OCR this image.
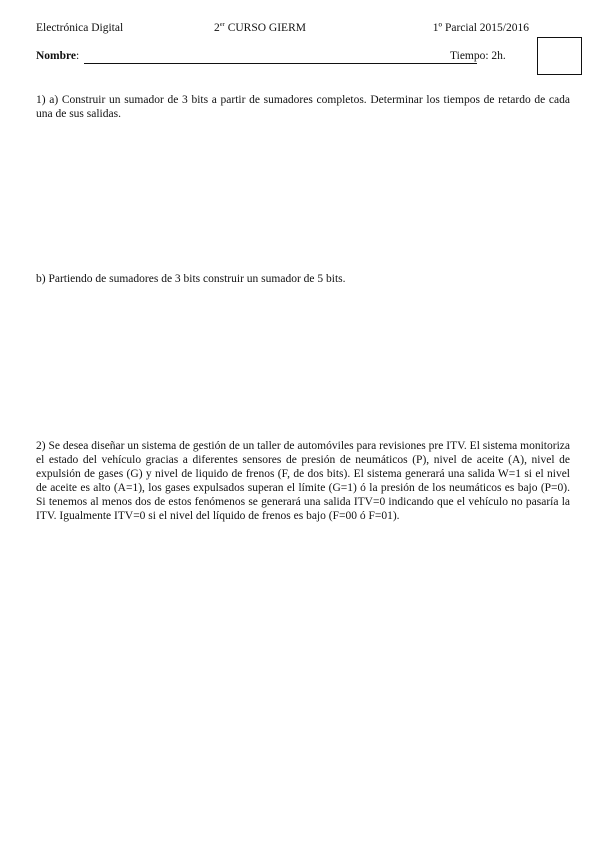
Electrónica Digital	2er CURSO GIERM	1º Parcial 2015/2016
Nombre:	Tiempo: 2h.

1) a) Construir un sumador de 3 bits a partir de sumadores completos. Determinar los tiempos de retardo de cada una de sus salidas.

b) Partiendo de sumadores de 3 bits construir un sumador de 5 bits.

2) Se desea diseñar un sistema de gestión de un taller de automóviles para revisiones pre ITV. El sistema monitoriza el estado del vehículo gracias a diferentes sensores de presión de neumáticos (P), nivel de aceite (A), nivel de expulsión de gases (G) y nivel de liquido de frenos (F, de dos bits). El sistema generará una salida W=1 si el nivel de aceite es alto (A=1), los gases expulsados superan el límite (G=1) ó la presión de los neumáticos es bajo (P=0). Si tenemos al menos dos de estos fenómenos se generará una salida ITV=0 indicando que el vehículo no pasaría la ITV. Igualmente ITV=0 si el nivel del líquido de frenos es bajo (F=00 ó F=01).
